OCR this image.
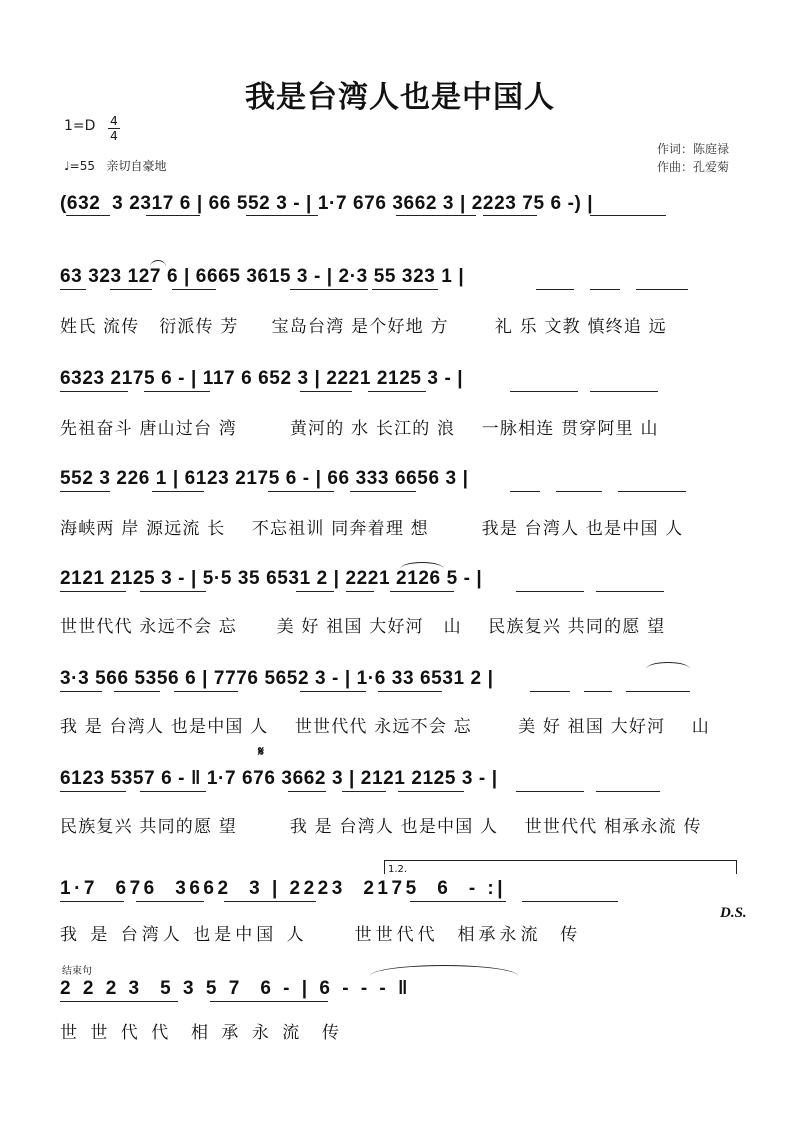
我是台湾人也是中国人
1=D 4
4
♩=55 亲切自豪地
作词：陈庭禄
作曲：孔爱菊
(632  3 2317 6 | 66 552 3 - | 1·7 676 3662 3 | 2223 75 6 -) |
63 323 127 6 | 6665 3615 3 - | 2·3 55 323 1 |
姓氏 流传   衍派传 芳     宝岛台湾 是个好地 方       礼 乐 文教 慎终追 远
6323 2175 6 - | 117 6 652 3 | 2221 2125 3 - |
先祖奋斗 唐山过台 湾        黄河的 水 长江的 浪    一脉相连 贯穿阿里 山
552 3 226 1 | 6123 2175 6 - | 66 333 6656 3 |
海峡两 岸 源远流 长    不忘祖训 同奔着理 想        我是 台湾人 也是中国 人
2121 2125 3 - | 5·5 35 6531 2 | 2221 2126 5 - |
世世代代 永远不会 忘      美 好 祖国 大好河   山    民族复兴 共同的愿 望
3·3 566 5356 6 | 7776 5652 3 - | 1·6 33 6531 2 |
我 是 台湾人 也是中国 人    世世代代 永远不会 忘       美 好 祖国 大好河    山
𝄋
6123 5357 6 - ‖ 1·7 676 3662 3 | 2121 2125 3 - |
民族复兴 共同的愿 望        我 是 台湾人 也是中国 人    世世代代 相承永流 传
1.2.
1·7  676  3662  3 | 2223  2175  6  - :|
D.S.
我 是 台湾人 也是中国 人     世世代代  相承永流  传
结束句
2 2 2 3  5 3 5 7  6 - | 6 - - - ‖
世 世 代 代  相 承 永 流  传
